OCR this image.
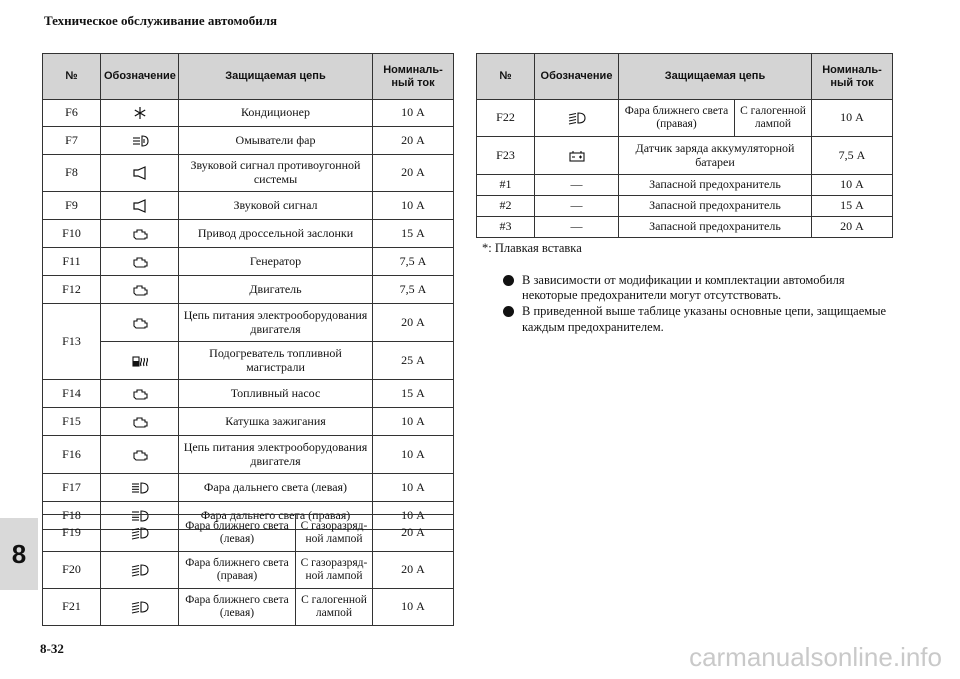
Техническое обслуживание автомобиля
№	Обозначение	Защищаемая цепь	Номиналь-ный ток
F6		Кондиционер	10 А
F7		Омыватели фар	20 А
F8		Звуковой сигнал противоугонной системы	20 А
F9		Звуковой сигнал	10 А
F10		Привод дроссельной заслонки	15 А
F11		Генератор	7,5 А
F12		Двигатель	7,5 А
F13		Цепь питания электрооборудования двигателя	20 А

	Подогреватель топливной магистрали	25 А
F14		Топливный насос	15 А
F15		Катушка зажигания	10 А
F16		Цепь питания электрооборудования двигателя	10 А
F17		Фара дальнего света (левая)	10 А
F18		Фара дальнего света (правая)	10 А
F19		Фара ближнего света (левая)	С газоразряд-ной лампой	20 А
F20		Фара ближнего света (правая)	С газоразряд-ной лампой	20 А
F21		Фара ближнего света (левая)	С галогенной лампой	10 А
№	Обозначение	Защищаемая цепь		Номиналь-ный ток
F22		Фара ближнего света (правая)	С галогенной лампой	10 А
F23		Датчик заряда аккумуляторной батареи		7,5 А
#1	—	Запасной предохранитель		10 А
#2	—	Запасной предохранитель		15 А
#3	—	Запасной предохранитель		20 А
*: Плавкая вставка
В зависимости от модификации и комплектации автомобиля некоторые предохранители могут отсутствовать.
В приведенной выше таблице указаны основные цепи, защищаемые каждым предохранителем.
8
8-32	carmanualsonline.info
